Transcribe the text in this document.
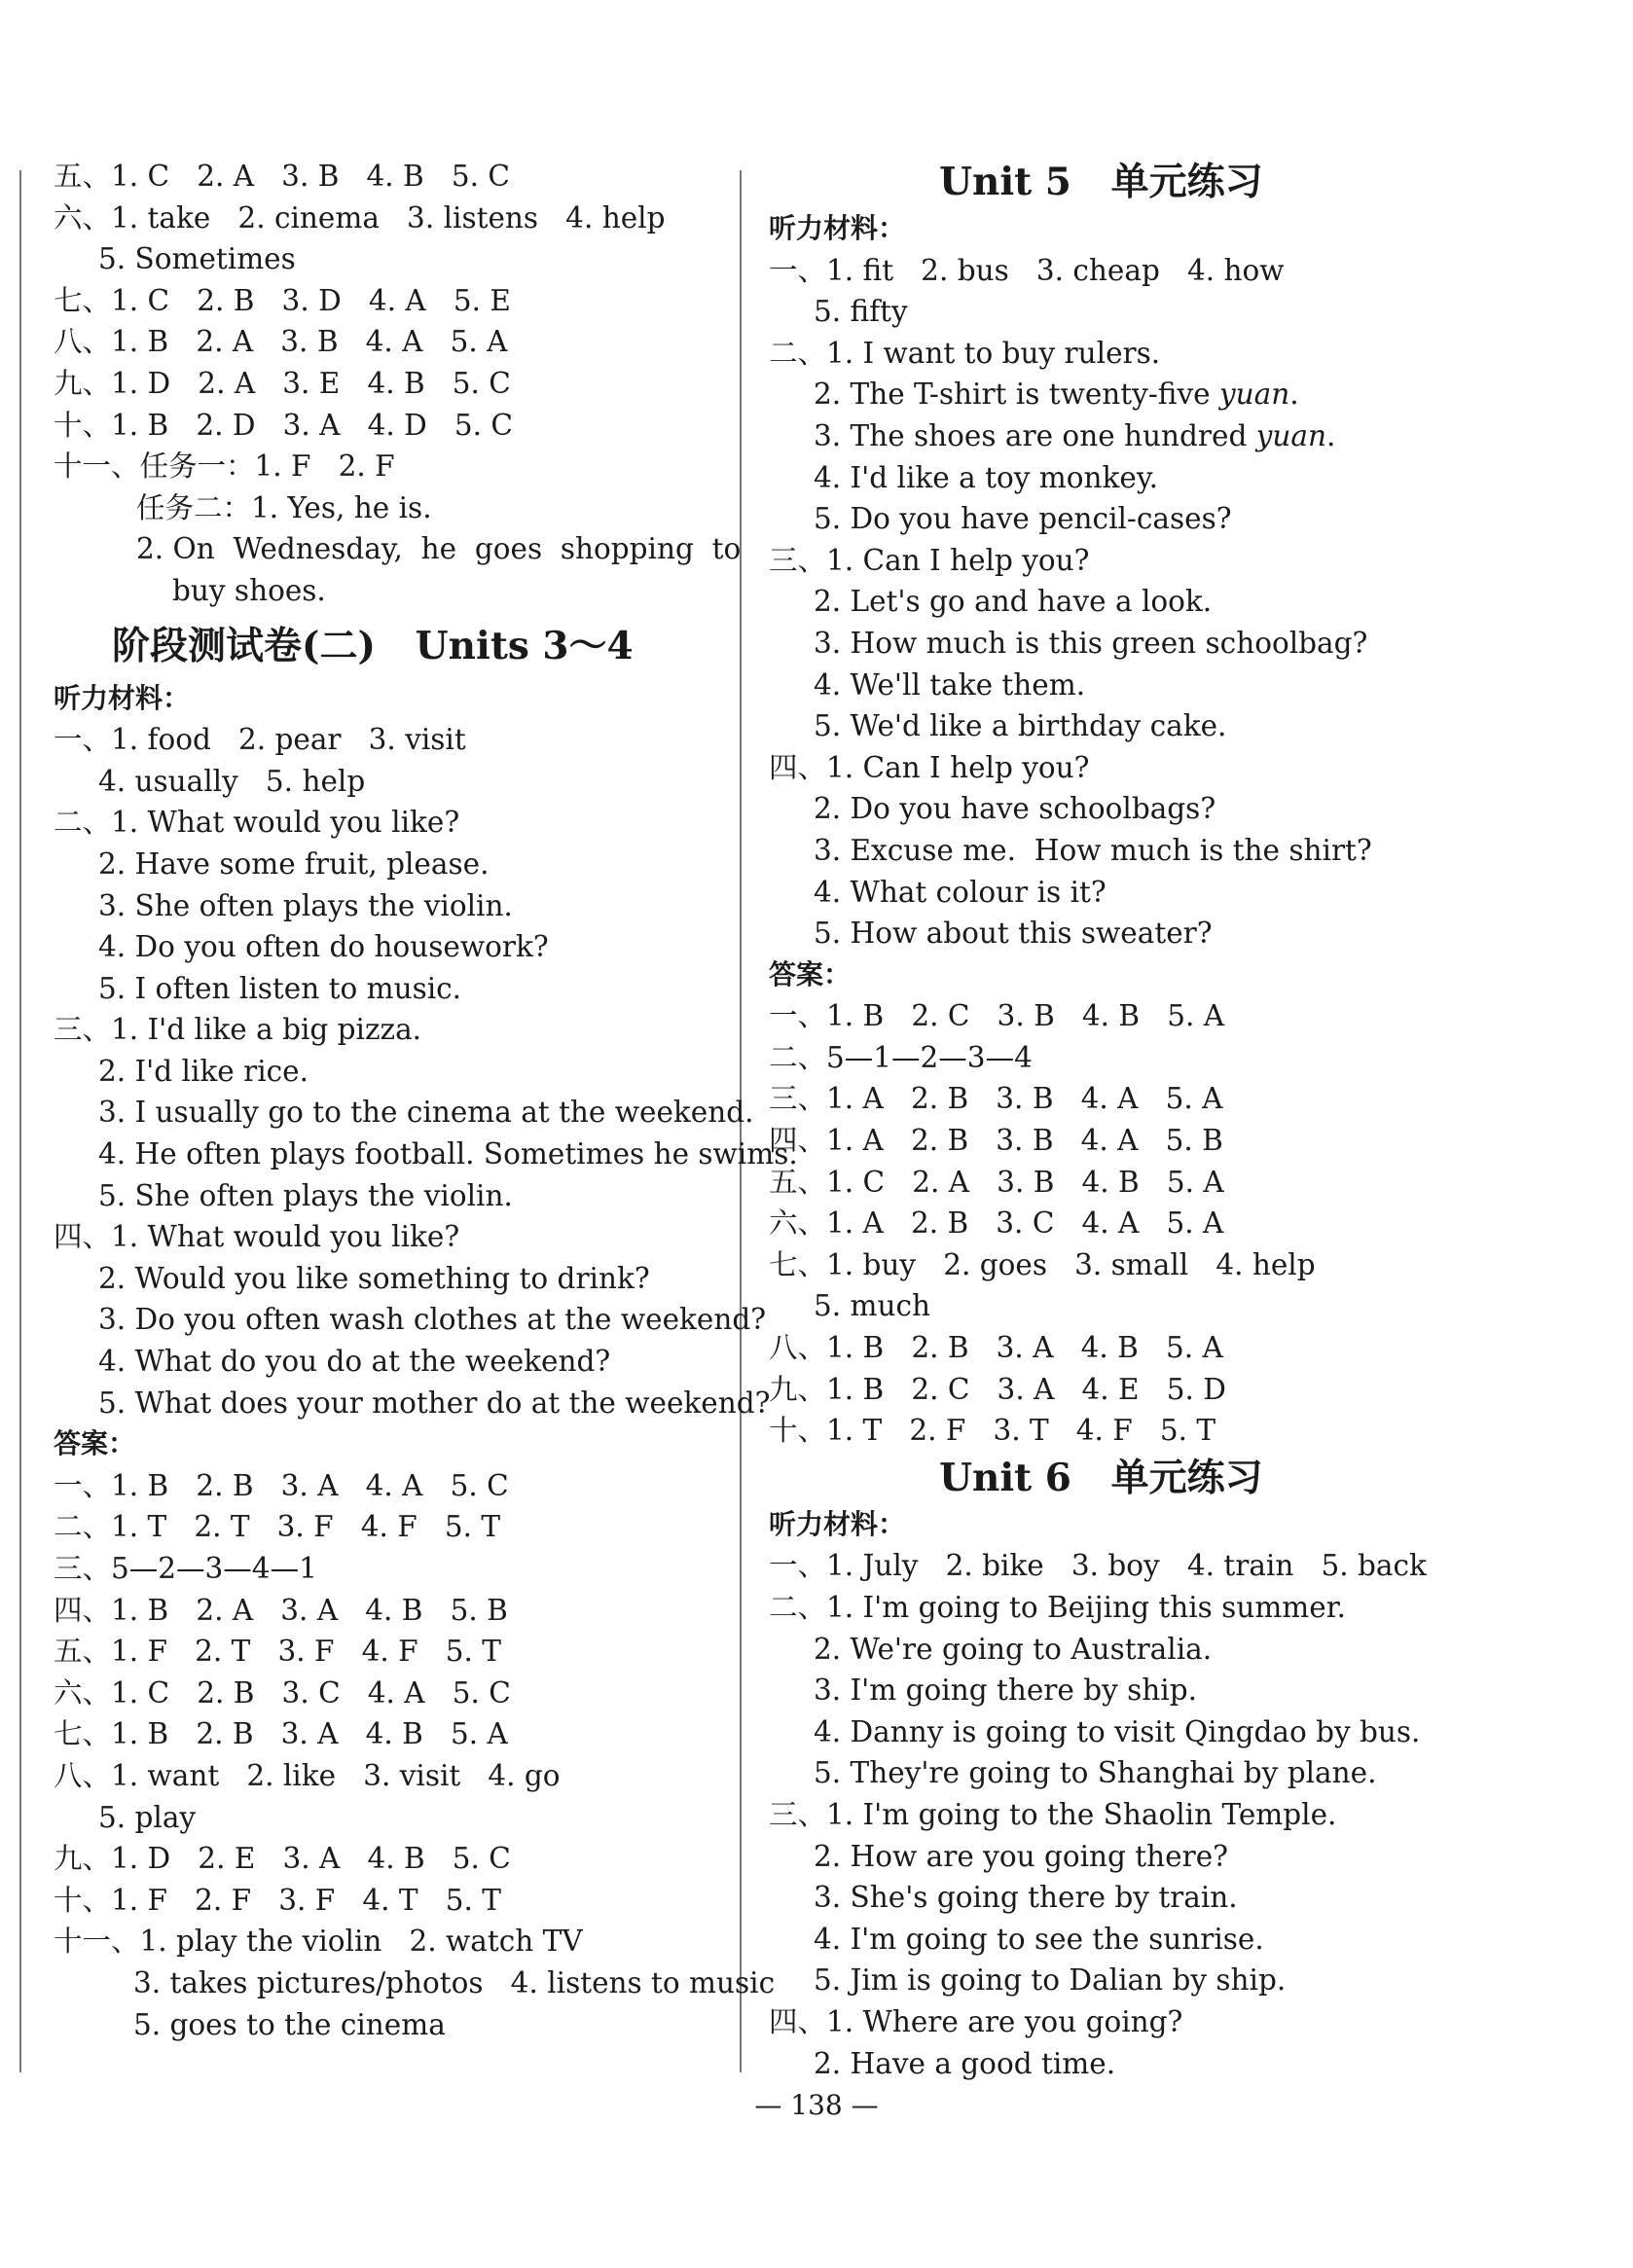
五、1. C   2. A   3. B   4. B   5. C
六、1. take   2. cinema   3. listens   4. help
5. Sometimes
七、1. C   2. B   3. D   4. A   5. E
八、1. B   2. A   3. B   4. A   5. A
九、1. D   2. A   3. E   4. B   5. C
十、1. B   2. D   3. A   4. D   5. C
十一、任务一：1. F   2. F
任务二：1. Yes, he is.
2. On  Wednesday,  he  goes  shopping  to
buy shoes.
阶段测试卷(二)   Units 3～4
听力材料：
一、1. food   2. pear   3. visit
4. usually   5. help
二、1. What would you like?
2. Have some fruit, please.
3. She often plays the violin.
4. Do you often do housework?
5. I often listen to music.
三、1. I'd like a big pizza.
2. I'd like rice.
3. I usually go to the cinema at the weekend.
4. He often plays football. Sometimes he swims.
5. She often plays the violin.
四、1. What would you like?
2. Would you like something to drink?
3. Do you often wash clothes at the weekend?
4. What do you do at the weekend?
5. What does your mother do at the weekend?
答案：
一、1. B   2. B   3. A   4. A   5. C
二、1. T   2. T   3. F   4. F   5. T
三、5—2—3—4—1
四、1. B   2. A   3. A   4. B   5. B
五、1. F   2. T   3. F   4. F   5. T
六、1. C   2. B   3. C   4. A   5. C
七、1. B   2. B   3. A   4. B   5. A
八、1. want   2. like   3. visit   4. go
5. play
九、1. D   2. E   3. A   4. B   5. C
十、1. F   2. F   3. F   4. T   5. T
十一、1. play the violin   2. watch TV
3. takes pictures/photos   4. listens to music
5. goes to the cinema
Unit 5   单元练习
听力材料：
一、1. fit   2. bus   3. cheap   4. how
5. fifty
二、1. I want to buy rulers.
2. The T-shirt is twenty-five yuan.
3. The shoes are one hundred yuan.
4. I'd like a toy monkey.
5. Do you have pencil-cases?
三、1. Can I help you?
2. Let's go and have a look.
3. How much is this green schoolbag?
4. We'll take them.
5. We'd like a birthday cake.
四、1. Can I help you?
2. Do you have schoolbags?
3. Excuse me.  How much is the shirt?
4. What colour is it?
5. How about this sweater?
答案：
一、1. B   2. C   3. B   4. B   5. A
二、5—1—2—3—4
三、1. A   2. B   3. B   4. A   5. A
四、1. A   2. B   3. B   4. A   5. B
五、1. C   2. A   3. B   4. B   5. A
六、1. A   2. B   3. C   4. A   5. A
七、1. buy   2. goes   3. small   4. help
5. much
八、1. B   2. B   3. A   4. B   5. A
九、1. B   2. C   3. A   4. E   5. D
十、1. T   2. F   3. T   4. F   5. T
Unit 6   单元练习
听力材料：
一、1. July   2. bike   3. boy   4. train   5. back
二、1. I'm going to Beijing this summer.
2. We're going to Australia.
3. I'm going there by ship.
4. Danny is going to visit Qingdao by bus.
5. They're going to Shanghai by plane.
三、1. I'm going to the Shaolin Temple.
2. How are you going there?
3. She's going there by train.
4. I'm going to see the sunrise.
5. Jim is going to Dalian by ship.
四、1. Where are you going?
2. Have a good time.
— 138 —
